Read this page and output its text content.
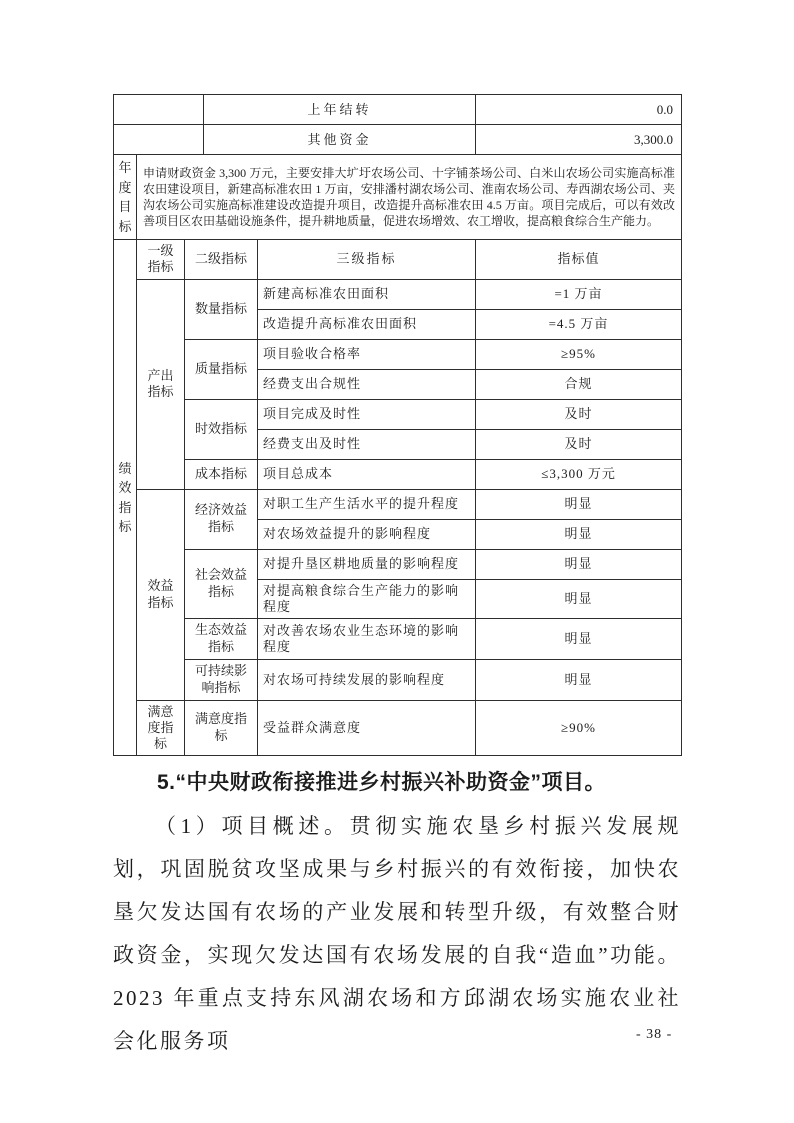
	上年结转	0.0
	其他资金	3,300.0
年度目标	申请财政资金 3,300 万元，主要安排大圹圩农场公司、十字铺茶场公司、白米山农场公司实施高标准农田建设项目，新建高标准农田 1 万亩，安排潘村湖农场公司、淮南农场公司、寿西湖农场公司、夹沟农场公司实施高标准建设改造提升项目，改造提升高标准农田 4.5 万亩。项目完成后，可以有效改善项目区农田基础设施条件，提升耕地质量，促进农场增效、农工增收，提高粮食综合生产能力。			
绩效指标	一级指标	二级指标	三级指标	指标值
	产出指标	数量指标	新建高标准农田面积	=1 万亩
			改造提升高标准农田面积	=4.5 万亩
		质量指标	项目验收合格率	≥95%
			经费支出合规性	合规
		时效指标	项目完成及时性	及时
			经费支出及时性	及时
		成本指标	项目总成本	≤3,300 万元
	效益指标	经济效益指标	对职工生产生活水平的提升程度	明显
			对农场效益提升的影响程度	明显
		社会效益指标	对提升垦区耕地质量的影响程度	明显
			对提高粮食综合生产能力的影响程度	明显
		生态效益指标	对改善农场农业生态环境的影响程度	明显
		可持续影响指标	对农场可持续发展的影响程度	明显
	满意度指标	满意度指标	受益群众满意度	≥90%
5.“中央财政衔接推进乡村振兴补助资金”项目。

（1）项目概述。贯彻实施农垦乡村振兴发展规划，巩固脱贫攻坚成果与乡村振兴的有效衔接，加快农垦欠发达国有农场的产业发展和转型升级，有效整合财政资金，实现欠发达国有农场发展的自我“造血”功能。2023 年重点支持东风湖农场和方邱湖农场实施农业社会化服务项	- 38 -
